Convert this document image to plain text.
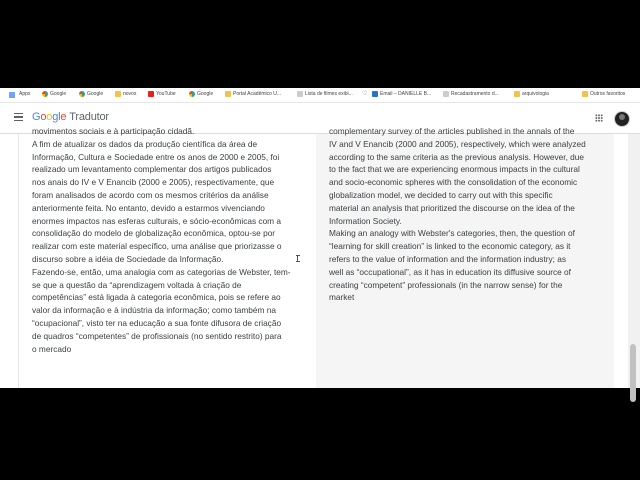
Apps	Google	Google	novos	YouTube	Google	Portal Acadêmico U...	Lista de filmes exibi... ♡	Email – DANIELLE B...	Recadastramento d...	arquivologia	Outros favoritos
Google Tradutor
movimentos sociais e à participação cidadã.
A fim de atualizar os dados da produção científica da área de
Informação, Cultura e Sociedade entre os anos de 2000 e 2005, foi
realizado um levantamento complementar dos artigos publicados
nos anais do IV e V Enancib (2000 e 2005), respectivamente, que
foram analisados de acordo com os mesmos critérios da análise
anteriormente feita. No entanto, devido a estarmos vivenciando
enormes impactos nas esferas culturais, e sócio-econômicas com a
consolidação do modelo de globalização econômica, optou-se por
realizar com este material específico, uma análise que priorizasse o
discurso sobre a idéia de Sociedade da Informação.
Fazendo-se, então, uma analogia com as categorias de Webster, tem-
se que a questão da “aprendizagem voltada à criação de
competências” está ligada à categoria econômica, pois se refere ao
valor da informação e à indústria da informação; como também na
“ocupacional”, visto ter na educação a sua fonte difusora de criação
de quadros “competentes” de profissionais (no sentido restrito) para
o mercado
complementary survey of the articles published in the annals of the
IV and V Enancib (2000 and 2005), respectively, which were analyzed
according to the same criteria as the previous analysis. However, due
to the fact that we are experiencing enormous impacts in the cultural
and socio-economic spheres with the consolidation of the economic
globalization model, we decided to carry out with this specific
material an analysis that prioritized the discourse on the idea of the
Information Society.
Making an analogy with Webster's categories, then, the question of
“learning for skill creation” is linked to the economic category, as it
refers to the value of information and the information industry; as
well as “occupational”, as it has in education its diffusive source of
creating “competent” professionals (in the narrow sense) for the
market
